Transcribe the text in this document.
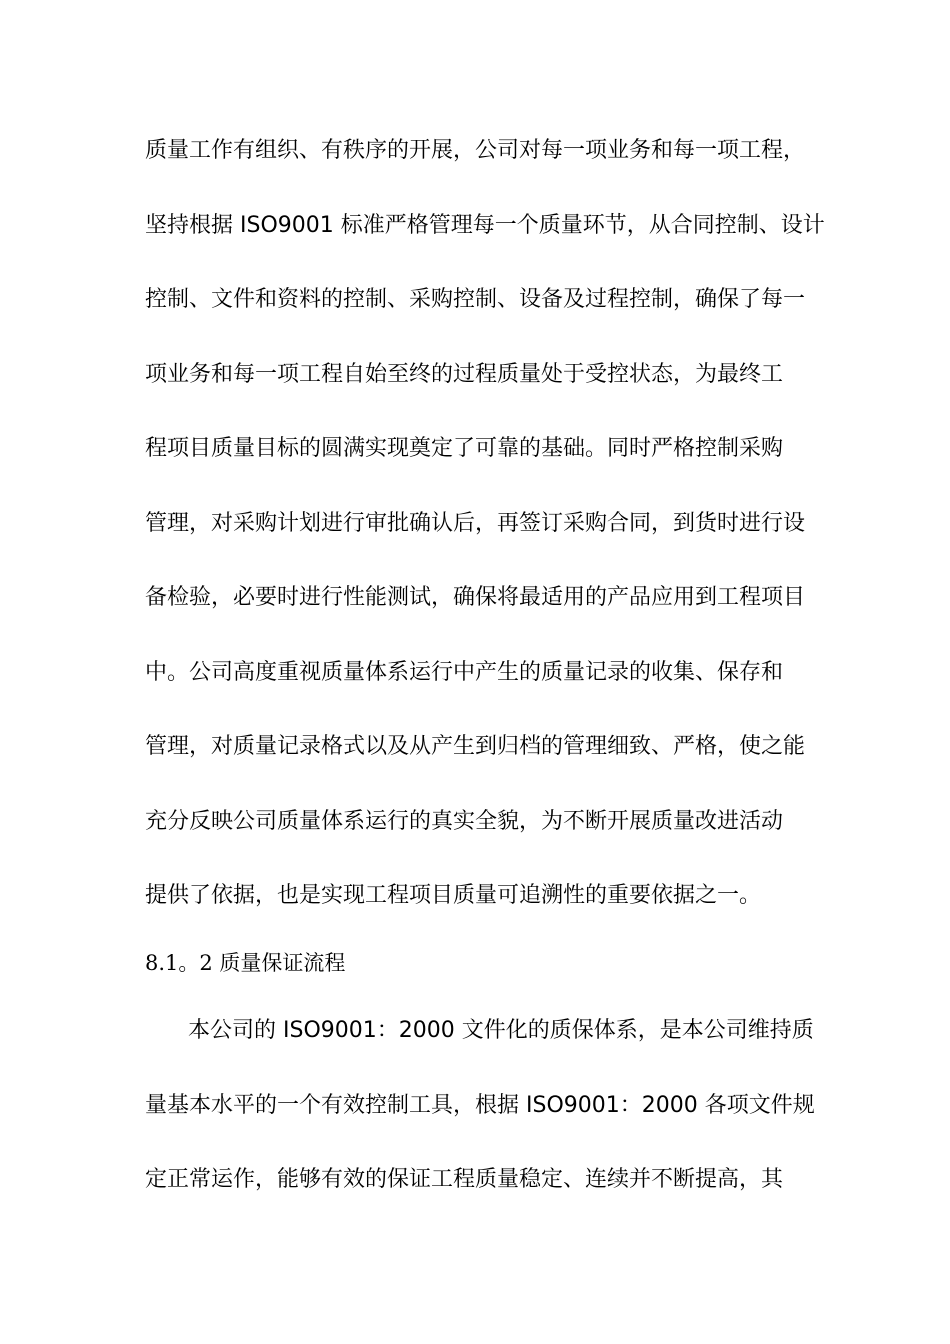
质量工作有组织、有秩序的开展，公司对每一项业务和每一项工程，
坚持根据 ISO9001 标准严格管理每一个质量环节，从合同控制、设计
控制、文件和资料的控制、采购控制、设备及过程控制，确保了每一
项业务和每一项工程自始至终的过程质量处于受控状态，为最终工
程项目质量目标的圆满实现奠定了可靠的基础。同时严格控制采购
管理，对采购计划进行审批确认后，再签订采购合同，到货时进行设
备检验，必要时进行性能测试，确保将最适用的产品应用到工程项目
中。公司高度重视质量体系运行中产生的质量记录的收集、保存和
管理，对质量记录格式以及从产生到归档的管理细致、严格，使之能
充分反映公司质量体系运行的真实全貌，为不断开展质量改进活动
提供了依据，也是实现工程项目质量可追溯性的重要依据之一。
8.1。2 质量保证流程
本公司的 ISO9001：2000 文件化的质保体系，是本公司维持质
量基本水平的一个有效控制工具，根据 ISO9001：2000 各项文件规
定正常运作，能够有效的保证工程质量稳定、连续并不断提高，其
